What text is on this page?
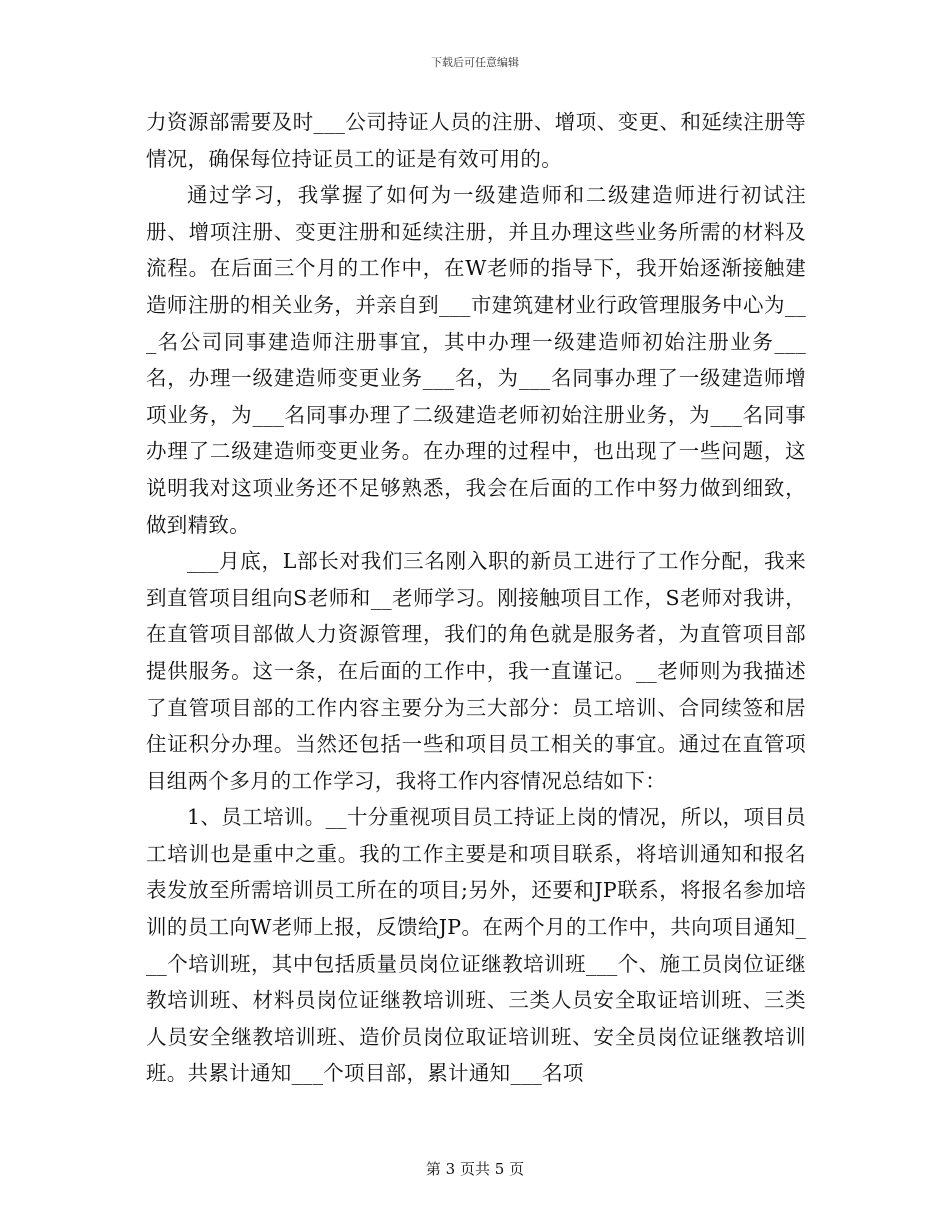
下载后可任意编辑

力资源部需要及时___公司持证人员的注册、增项、变更、和延续注册等情况，确保每位持证员工的证是有效可用的。

通过学习，我掌握了如何为一级建造师和二级建造师进行初试注册、增项注册、变更注册和延续注册，并且办理这些业务所需的材料及流程。在后面三个月的工作中，在W老师的指导下，我开始逐渐接触建造师注册的相关业务，并亲自到___市建筑建材业行政管理服务中心为___名公司同事建造师注册事宜，其中办理一级建造师初始注册业务___名，办理一级建造师变更业务___名，为___名同事办理了一级建造师增项业务，为___名同事办理了二级建造老师初始注册业务，为___名同事办理了二级建造师变更业务。在办理的过程中，也出现了一些问题，这说明我对这项业务还不足够熟悉，我会在后面的工作中努力做到细致，做到精致。

___月底，L部长对我们三名刚入职的新员工进行了工作分配，我来到直管项目组向S老师和__老师学习。刚接触项目工作，S老师对我讲，在直管项目部做人力资源管理，我们的角色就是服务者，为直管项目部提供服务。这一条，在后面的工作中，我一直谨记。__老师则为我描述了直管项目部的工作内容主要分为三大部分：员工培训、合同续签和居住证积分办理。当然还包括一些和项目员工相关的事宜。通过在直管项目组两个多月的工作学习，我将工作内容情况总结如下：

1、员工培训。__十分重视项目员工持证上岗的情况，所以，项目员工培训也是重中之重。我的工作主要是和项目联系，将培训通知和报名表发放至所需培训员工所在的项目;另外，还要和JP联系，将报名参加培训的员工向W老师上报，反馈给JP。在两个月的工作中，共向项目通知___个培训班，其中包括质量员岗位证继教培训班___个、施工员岗位证继教培训班、材料员岗位证继教培训班、三类人员安全取证培训班、三类人员安全继教培训班、造价员岗位取证培训班、安全员岗位证继教培训班。共累计通知___个项目部，累计通知___名项

第 3 页共 5 页
